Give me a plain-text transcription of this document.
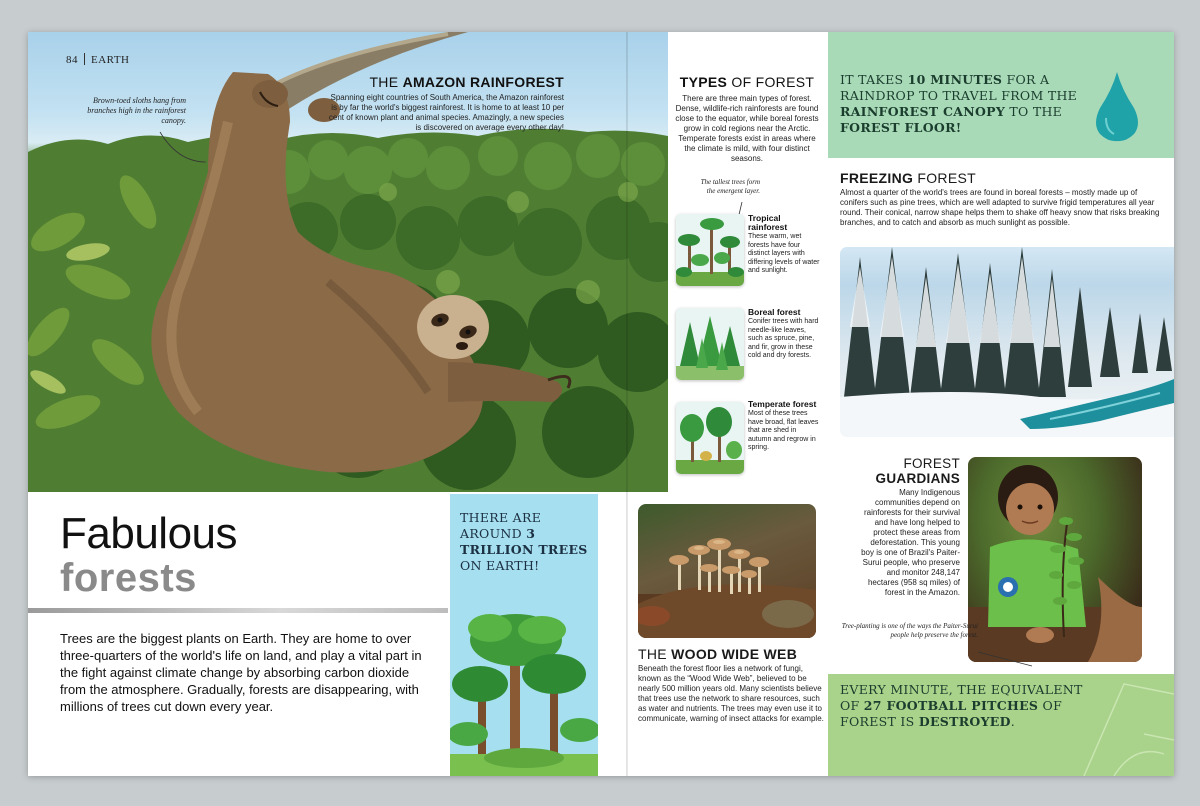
84 EARTH
Brown-toed sloths hang from branches high in the rainforest canopy.
THE AMAZON RAINFOREST

Spanning eight countries of South America, the Amazon rainforest is by far the world's biggest rainforest. It is home to at least 10 per cent of known plant and animal species. Amazingly, a new species is discovered on average every other day!

TYPES OF FOREST

There are three main types of forest. Dense, wildlife-rich rainforests are found close to the equator, while boreal forests grow in cold regions near the Arctic. Temperate forests exist in areas where the climate is mild, with four distinct seasons.

The tallest trees form the emergent layer.
Tropical rainforest

These warm, wet forests have four distinct layers with differing levels of water and sunlight.

Boreal forest

Conifer trees with hard needle-like leaves, such as spruce, pine, and fir, grow in these cold and dry forests.

Temperate forest

Most of these trees have broad, flat leaves that are shed in autumn and regrow in spring.

IT TAKES 10 MINUTES FOR A RAINDROP TO TRAVEL FROM THE RAINFOREST CANOPY TO THE FOREST FLOOR!
FREEZING FOREST

Almost a quarter of the world's trees are found in boreal forests – mostly made up of conifers such as pine trees, which are well adapted to survive frigid temperatures all year round. Their conical, narrow shape helps them to shake off heavy snow that risks breaking branches, and to catch and absorb as much sunlight as possible.

FOREST
GUARDIANS

Many Indigenous communities depend on rainforests for their survival and have long helped to protect these areas from deforestation. This young boy is one of Brazil's Paiter-Surui people, who preserve and monitor 248,147 hectares (958 sq miles) of forest in the Amazon.

Tree-planting is one of the ways the Paiter-Surui people help preserve the forest.
EVERY MINUTE, THE EQUIVALENT OF 27 FOOTBALL PITCHES OF FOREST IS DESTROYED.
Fabulous
forests
Trees are the biggest plants on Earth. They are home to over three-quarters of the world's life on land, and play a vital part in the fight against climate change by absorbing carbon dioxide from the atmosphere. Gradually, forests are disappearing, with millions of trees cut down every year.
THERE ARE AROUND 3 TRILLION TREES ON EARTH!
THE WOOD WIDE WEB

Beneath the forest floor lies a network of fungi, known as the “Wood Wide Web”, believed to be nearly 500 million years old. Many scientists believe that trees use the network to share resources, such as water and nutrients. The trees may even use it to communicate, warning of insect attacks for example.
